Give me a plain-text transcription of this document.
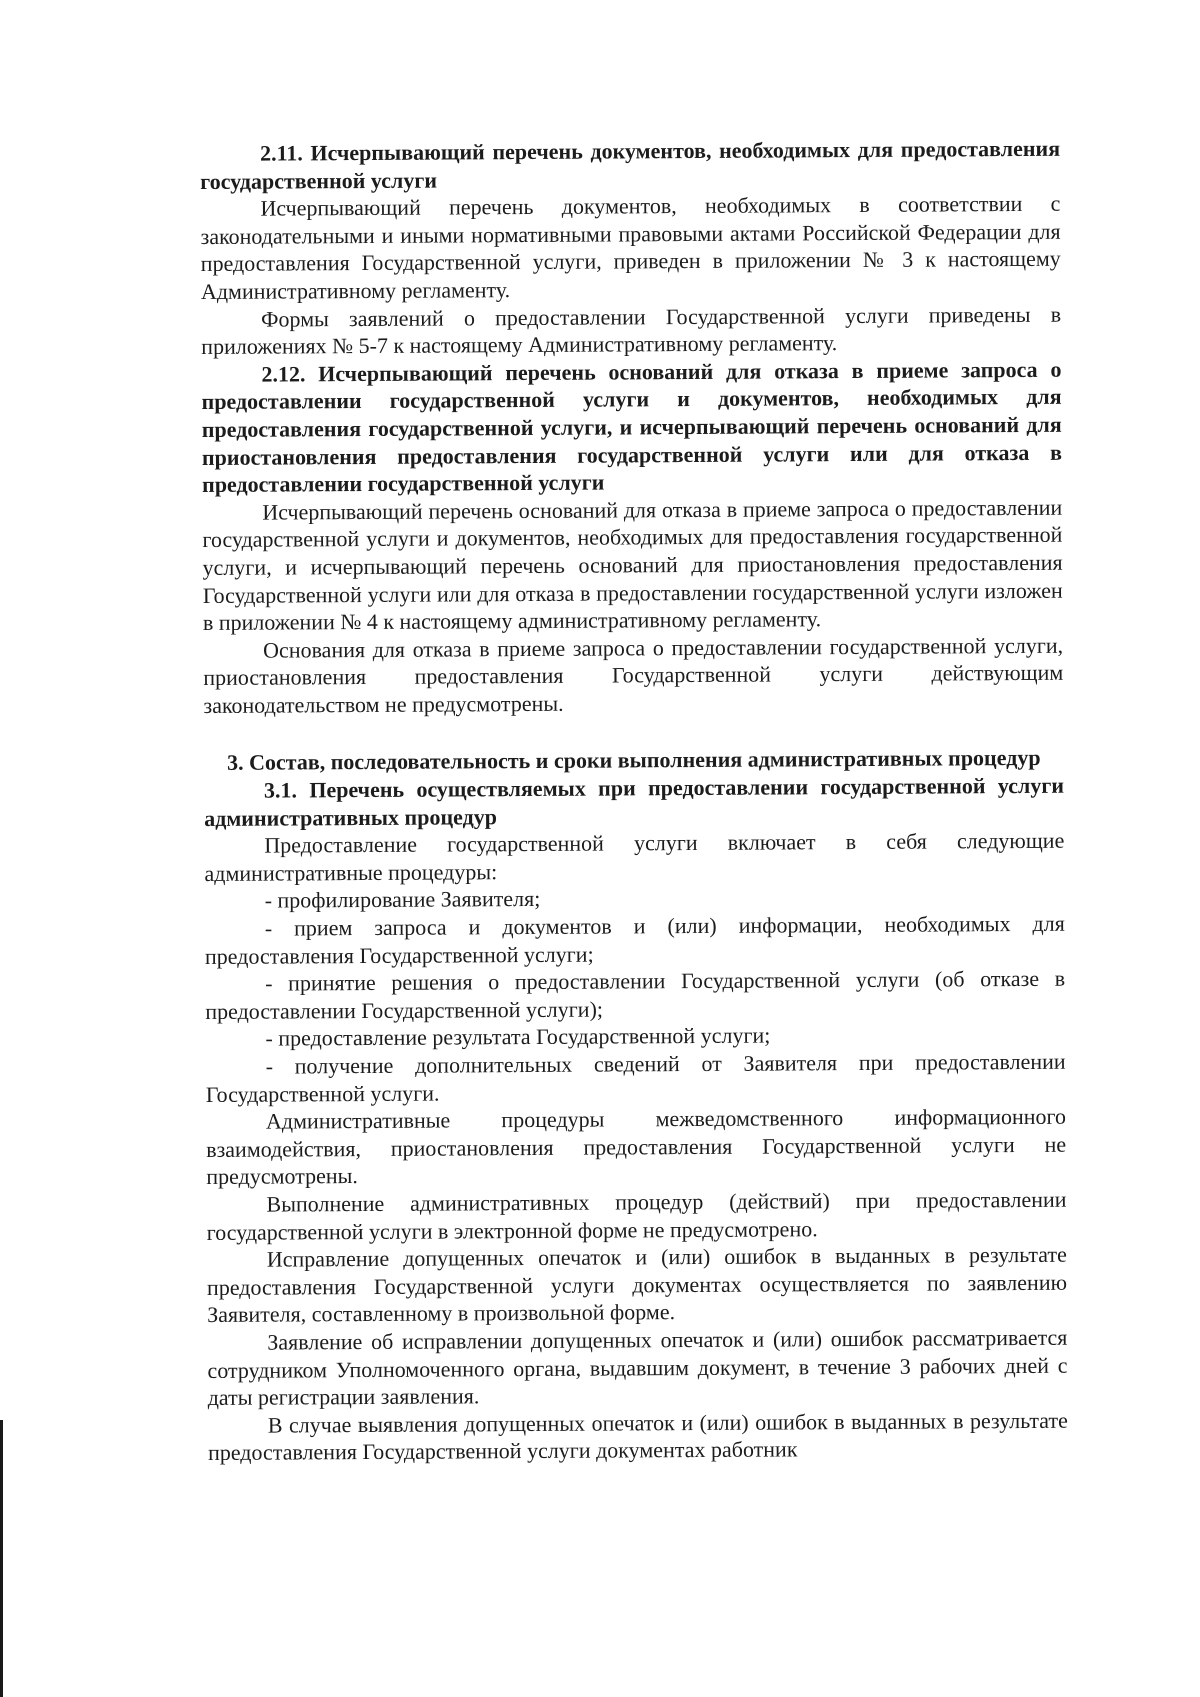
2.11. Исчерпывающий перечень документов, необходимых для предоставления государственной услуги

Исчерпывающий перечень документов, необходимых в соответствии с законодательными и иными нормативными правовыми актами Российской Федерации для предоставления Государственной услуги, приведен в приложении № 3 к настоящему Административному регламенту.

Формы заявлений о предоставлении Государственной услуги приведены в приложениях № 5-7 к настоящему Административному регламенту.

2.12. Исчерпывающий перечень оснований для отказа в приеме запроса о предоставлении государственной услуги и документов, необходимых для предоставления государственной услуги, и исчерпывающий перечень оснований для приостановления предоставления государственной услуги или для отказа в предоставлении государственной услуги

Исчерпывающий перечень оснований для отказа в приеме запроса о предоставлении государственной услуги и документов, необходимых для предоставления государственной услуги, и исчерпывающий перечень оснований для приостановления предоставления Государственной услуги или для отказа в предоставлении государственной услуги изложен в приложении № 4 к настоящему административному регламенту.

Основания для отказа в приеме запроса о предоставлении государственной услуги, приостановления предоставления Государственной услуги действующим законодательством не предусмотрены.

3. Состав, последовательность и сроки выполнения административных процедур

3.1. Перечень осуществляемых при предоставлении государственной услуги административных процедур

Предоставление государственной услуги включает в себя следующие административные процедуры:

- профилирование Заявителя;

- прием запроса и документов и (или) информации, необходимых для предоставления Государственной услуги;

- принятие решения о предоставлении Государственной услуги (об отказе в предоставлении Государственной услуги);

- предоставление результата Государственной услуги;

- получение дополнительных сведений от Заявителя при предоставлении Государственной услуги.

Административные процедуры межведомственного информационного взаимодействия, приостановления предоставления Государственной услуги не предусмотрены.

Выполнение административных процедур (действий) при предоставлении государственной услуги в электронной форме не предусмотрено.

Исправление допущенных опечаток и (или) ошибок в выданных в результате предоставления Государственной услуги документах осуществляется по заявлению Заявителя, составленному в произвольной форме.

Заявление об исправлении допущенных опечаток и (или) ошибок рассматривается сотрудником Уполномоченного органа, выдавшим документ, в течение 3 рабочих дней с даты регистрации заявления.

В случае выявления допущенных опечаток и (или) ошибок в выданных в результате предоставления Государственной услуги документах работник
